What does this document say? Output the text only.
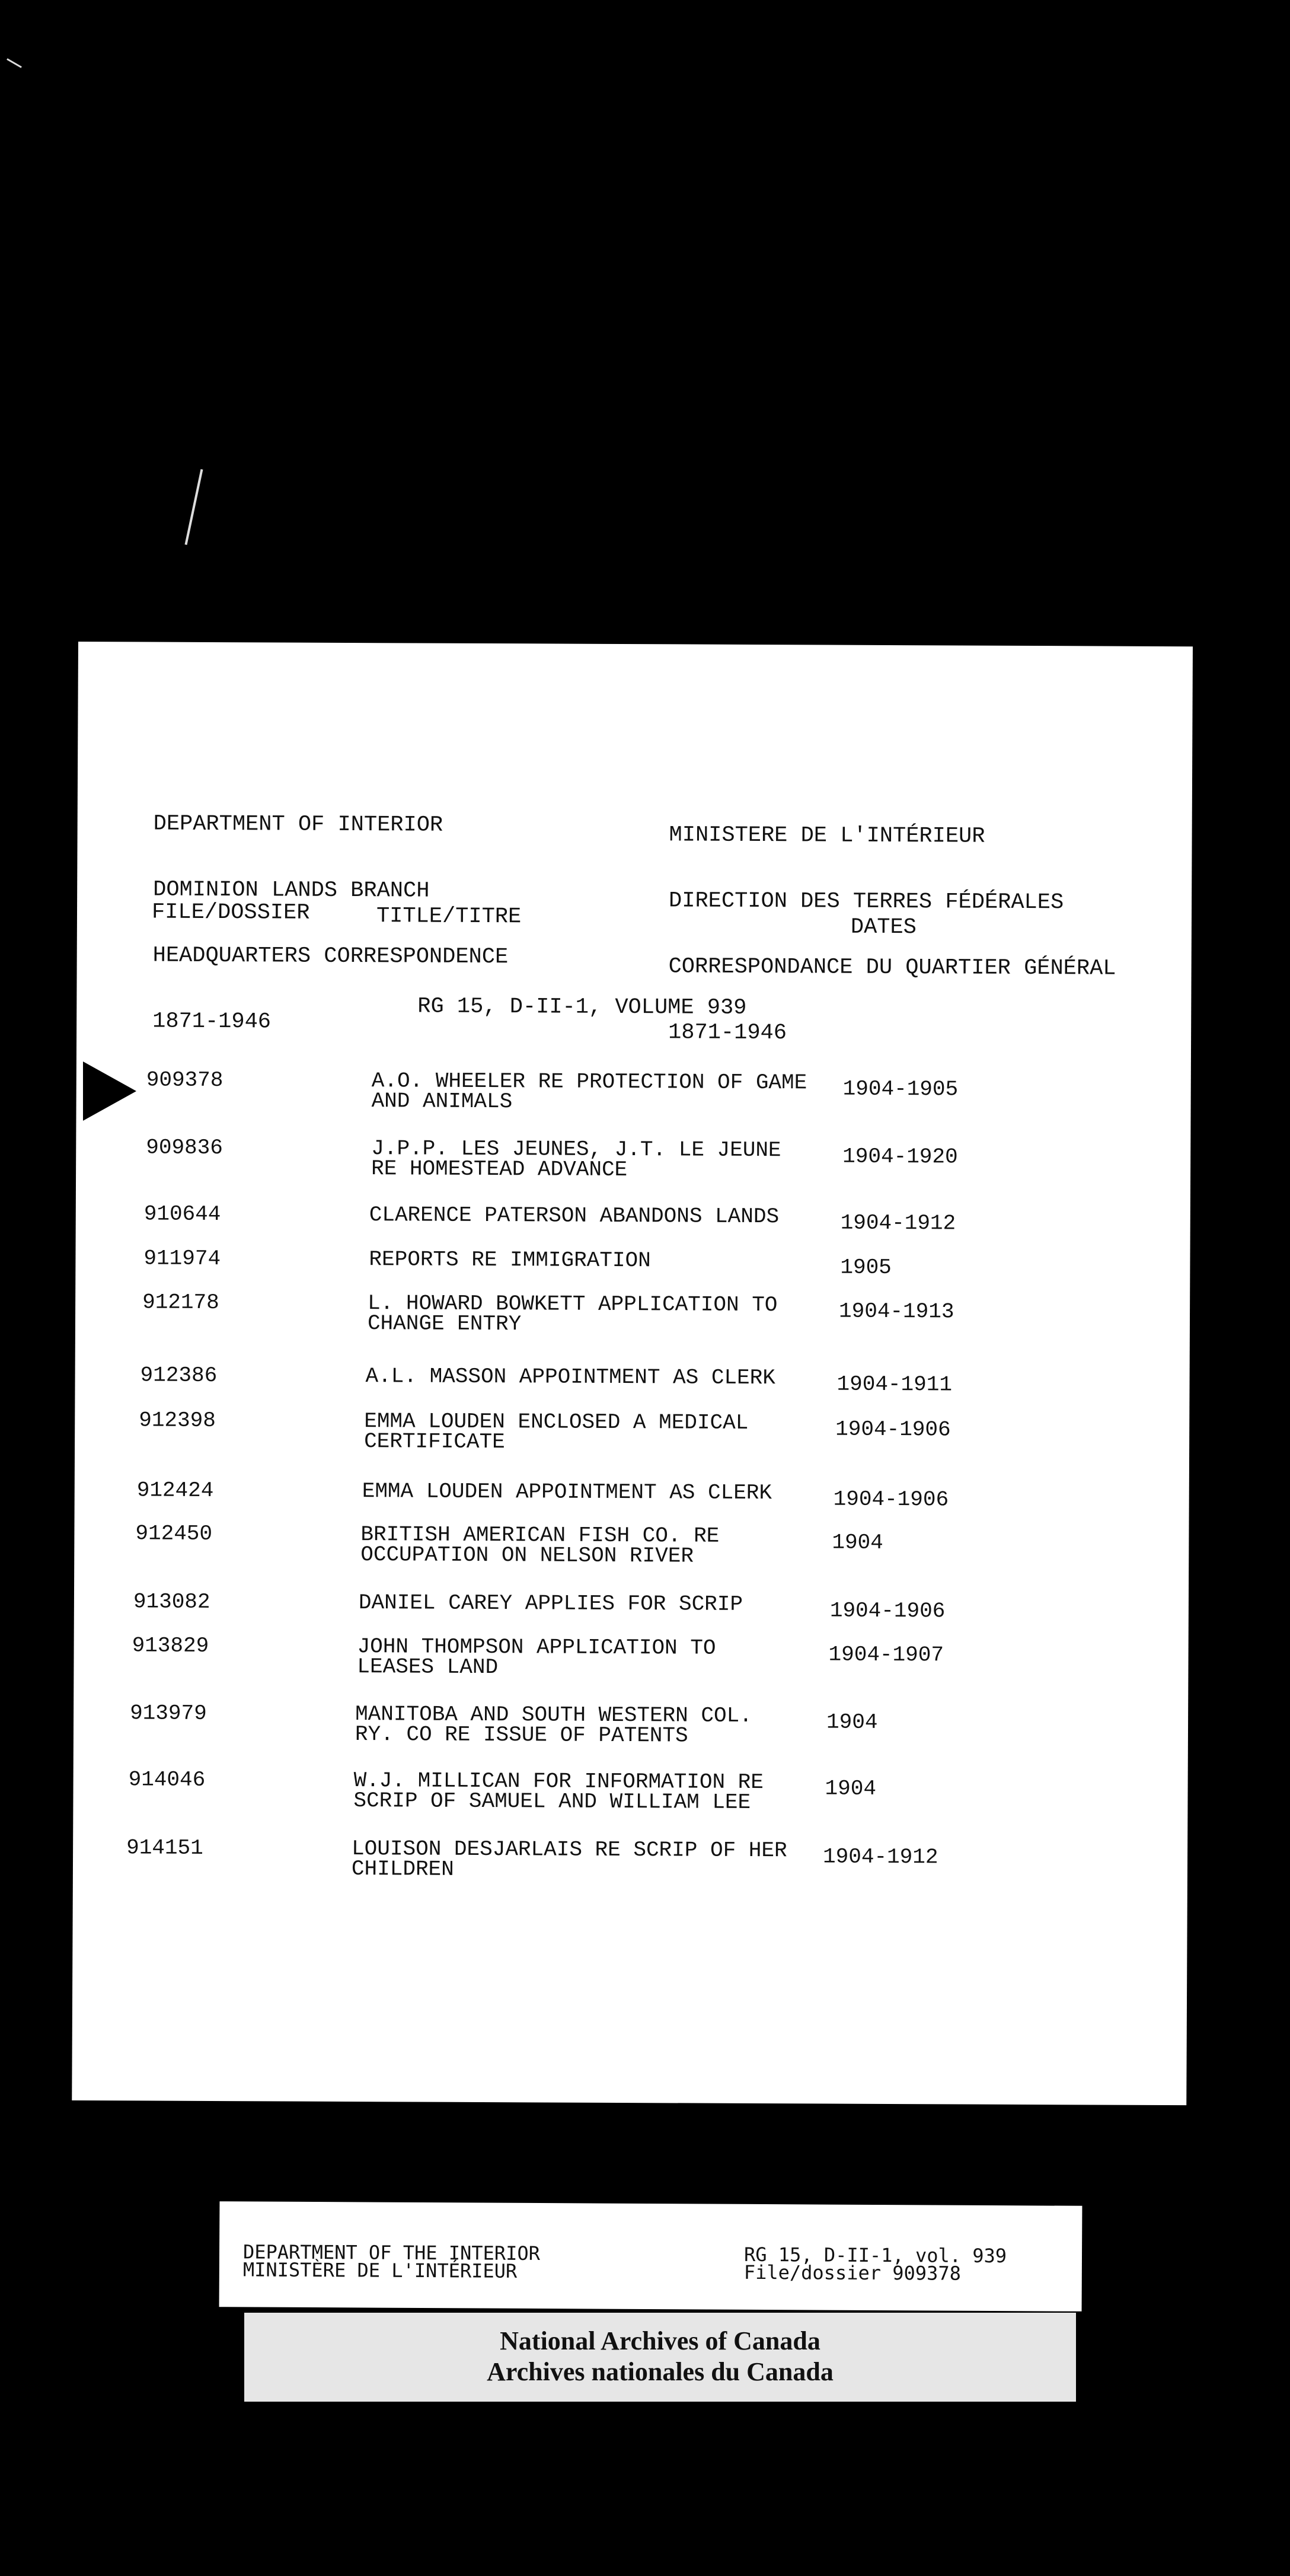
DEPARTMENT OF INTERIOR

DOMINION LANDS BRANCH

HEADQUARTERS CORRESPONDENCE

1871-1946

MINISTERE DE L'INTÉRIEUR

DIRECTION DES TERRES FÉDÉRALES

CORRESPONDANCE DU QUARTIER GÉNÉRAL

1871-1946

FILE/DOSSIER	TITLE/TITRE	DATES
RG 15, D-II-1, VOLUME 939
909378	A.O. WHEELER RE PROTECTION OF GAME
AND ANIMALS	1904-1905
909836	J.P.P. LES JEUNES, J.T. LE JEUNE
RE HOMESTEAD ADVANCE	1904-1920
910644	CLARENCE PATERSON ABANDONS LANDS	1904-1912
911974	REPORTS RE IMMIGRATION	1905
912178	L. HOWARD BOWKETT APPLICATION TO
CHANGE ENTRY	1904-1913
912386	A.L. MASSON APPOINTMENT AS CLERK	1904-1911
912398	EMMA LOUDEN ENCLOSED A MEDICAL
CERTIFICATE	1904-1906
912424	EMMA LOUDEN APPOINTMENT AS CLERK	1904-1906
912450	BRITISH AMERICAN FISH CO. RE
OCCUPATION ON NELSON RIVER	1904
913082	DANIEL CAREY APPLIES FOR SCRIP	1904-1906
913829	JOHN THOMPSON APPLICATION TO
LEASES LAND	1904-1907
913979	MANITOBA AND SOUTH WESTERN COL.
RY. CO RE ISSUE OF PATENTS	1904
914046	W.J. MILLICAN FOR INFORMATION RE
SCRIP OF SAMUEL AND WILLIAM LEE	1904
914151	LOUISON DESJARLAIS RE SCRIP OF HER
CHILDREN	1904-1912
DEPARTMENT OF THE INTERIOR
MINISTÈRE DE L'INTÉRIEUR
RG 15, D-II-1, vol. 939
File/dossier 909378
National Archives of Canada
Archives nationales du Canada
